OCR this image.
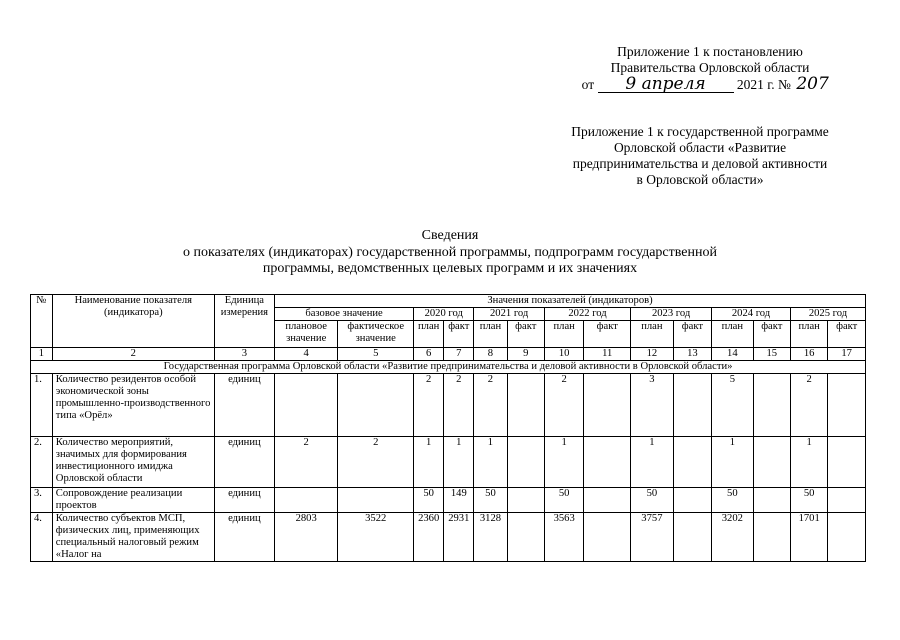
Приложение 1 к постановлению
Правительства Орловской области
от 9 апреля 2021 г. № 207
Приложение 1 к государственной программе
Орловской области «Развитие
предпринимательства и деловой активности
в Орловской области»
Сведения
о показателях (индикаторах) государственной программы, подпрограмм государственной
программы, ведомственных целевых программ и их значениях
№	Наименование показателя (индикатора)	Единица измерения	Значения показателей (индикаторов)													
			базовое значение		2020 год		2021 год		2022 год		2023 год		2024 год		2025 год	
			плановое значение	фактическое значение	план	факт	план	факт	план	факт	план	факт	план	факт	план	факт
1	2	3	4	5	6	7	8	9	10	11	12	13	14	15	16	17
Государственная программа Орловской области «Развитие предпринимательства и деловой активности в Орловской области»																
1.	Количество резидентов особой экономической зоны промышленно-производственного типа «Орёл»	единиц			2	2	2		2		3		5		2	
2.	Количество мероприятий, значимых для формирования инвестиционного имиджа Орловской области	единиц	2	2	1	1	1		1		1		1		1	
3.	Сопровождение реализации проектов	единиц			50	149	50		50		50		50		50	
4.	Количество субъектов МСП, физических лиц, применяющих специальный налоговый режим «Налог на	единиц	2803	3522	2360	2931	3128		3563		3757		3202		1701	
